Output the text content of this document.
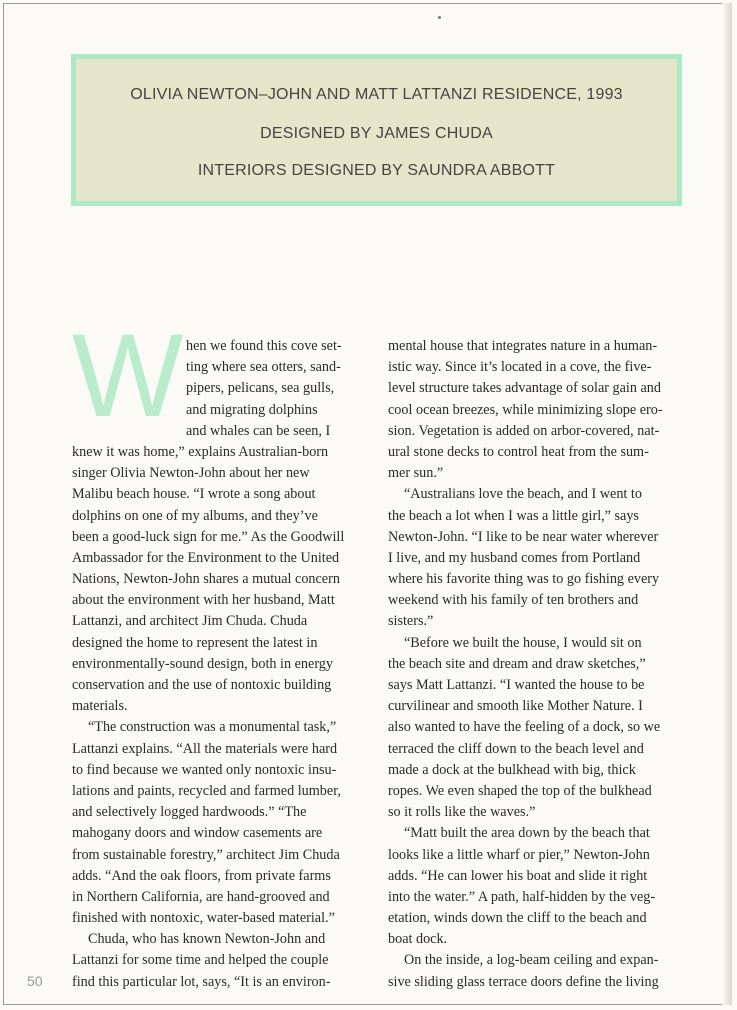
OLIVIA NEWTON–JOHN AND MATT LATTANZI RESIDENCE, 1993
DESIGNED BY JAMES CHUDA
INTERIORS DESIGNED BY SAUNDRA ABBOTT
W hen we found this cove set-
ting where sea otters, sand-
pipers, pelicans, sea gulls,
and migrating dolphins
and whales can be seen, I
knew it was home,” explains Australian-born
singer Olivia Newton-John about her new
Malibu beach house. “I wrote a song about
dolphins on one of my albums, and they’ve
been a good-luck sign for me.” As the Goodwill
Ambassador for the Environment to the United
Nations, Newton-John shares a mutual concern
about the environment with her husband, Matt
Lattanzi, and architect Jim Chuda. Chuda
designed the home to represent the latest in
environmentally-sound design, both in energy
conservation and the use of nontoxic building
materials.
“The construction was a monumental task,”
Lattanzi explains. “All the materials were hard
to find because we wanted only nontoxic insu-
lations and paints, recycled and farmed lumber,
and selectively logged hardwoods.” “The
mahogany doors and window casements are
from sustainable forestry,” architect Jim Chuda
adds. “And the oak floors, from private farms
in Northern California, are hand-grooved and
finished with nontoxic, water-based material.”
Chuda, who has known Newton-John and
Lattanzi for some time and helped the couple
find this particular lot, says, “It is an environ-
mental house that integrates nature in a human-
istic way. Since it’s located in a cove, the five-
level structure takes advantage of solar gain and
cool ocean breezes, while minimizing slope ero-
sion. Vegetation is added on arbor-covered, nat-
ural stone decks to control heat from the sum-
mer sun.”
“Australians love the beach, and I went to
the beach a lot when I was a little girl,” says
Newton-John. “I like to be near water wherever
I live, and my husband comes from Portland
where his favorite thing was to go fishing every
weekend with his family of ten brothers and
sisters.”
“Before we built the house, I would sit on
the beach site and dream and draw sketches,”
says Matt Lattanzi. “I wanted the house to be
curvilinear and smooth like Mother Nature. I
also wanted to have the feeling of a dock, so we
terraced the cliff down to the beach level and
made a dock at the bulkhead with big, thick
ropes. We even shaped the top of the bulkhead
so it rolls like the waves.”
“Matt built the area down by the beach that
looks like a little wharf or pier,” Newton-John
adds. “He can lower his boat and slide it right
into the water.” A path, half-hidden by the veg-
etation, winds down the cliff to the beach and
boat dock.
On the inside, a log-beam ceiling and expan-
sive sliding glass terrace doors define the living
50
